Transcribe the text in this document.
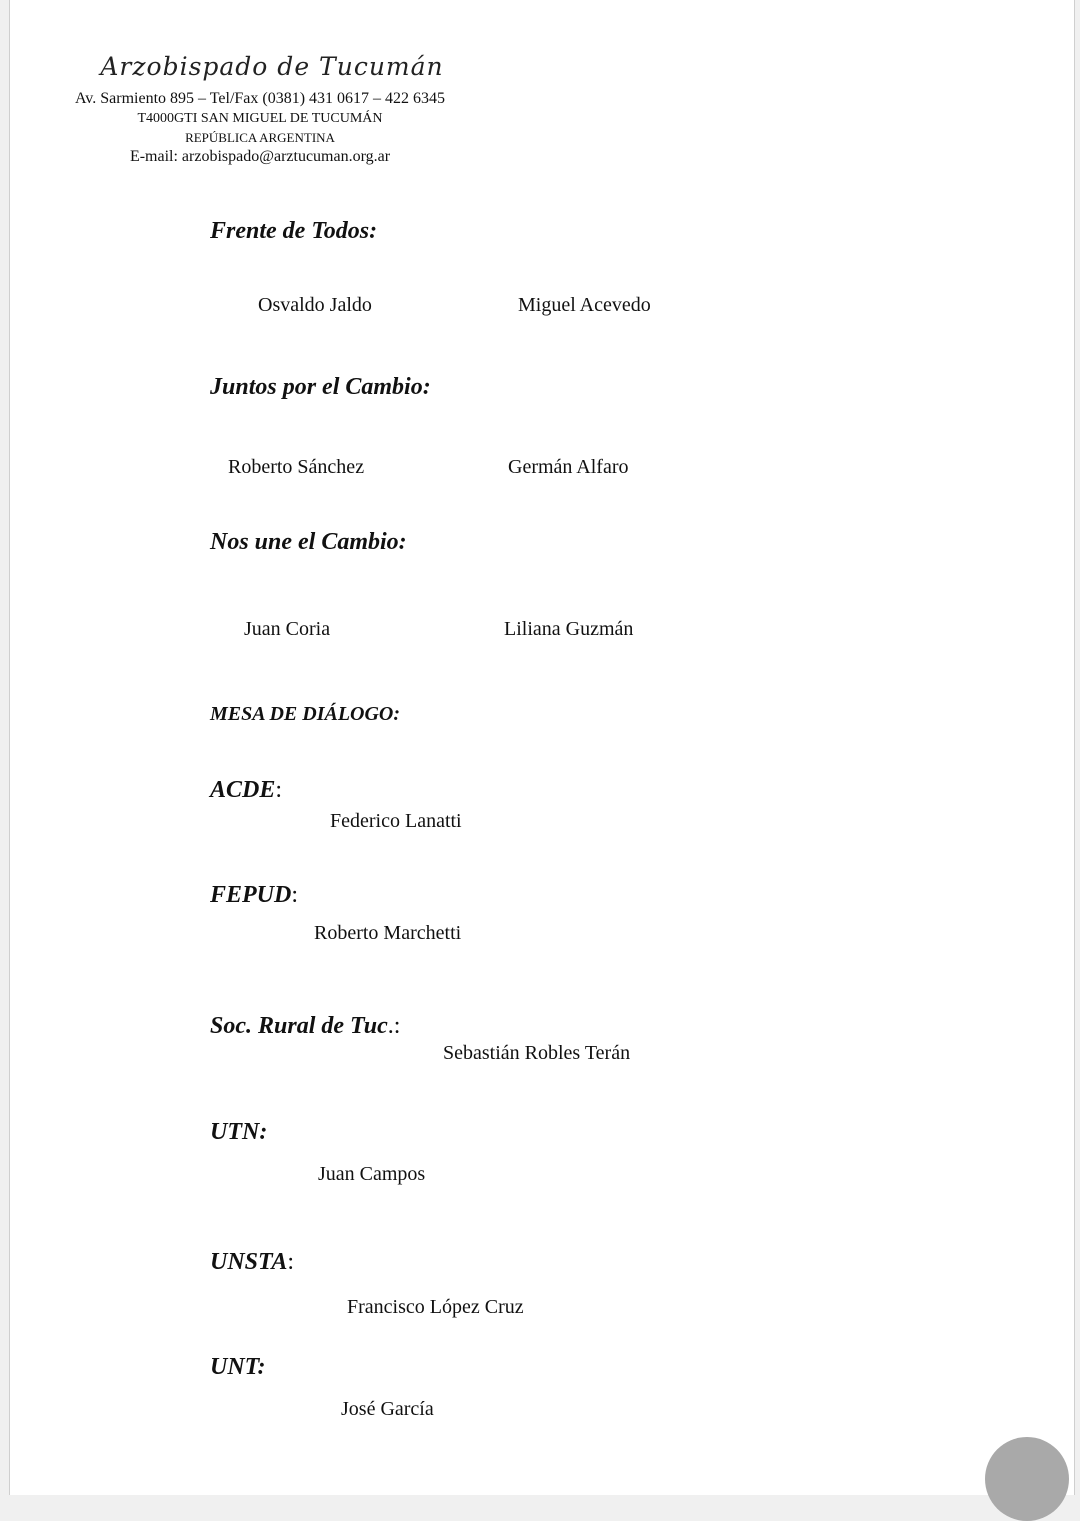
Arzobispado de Tucumán
Av. Sarmiento 895 – Tel/Fax (0381) 431 0617 – 422 6345
T4000GTI SAN MIGUEL DE TUCUMÁN
REPÚBLICA ARGENTINA
E-mail: arzobispado@arztucuman.org.ar
Frente de Todos:
Osvaldo Jaldo	Miguel Acevedo
Juntos por el Cambio:
Roberto Sánchez	Germán Alfaro
Nos une el Cambio:
Juan Coria	Liliana Guzmán
MESA DE DIÁLOGO:
ACDE:
Federico Lanatti
FEPUD:
Roberto Marchetti
Soc. Rural de Tuc.:
Sebastián Robles Terán
UTN:
Juan Campos
UNSTA:
Francisco López Cruz
UNT:
José García
